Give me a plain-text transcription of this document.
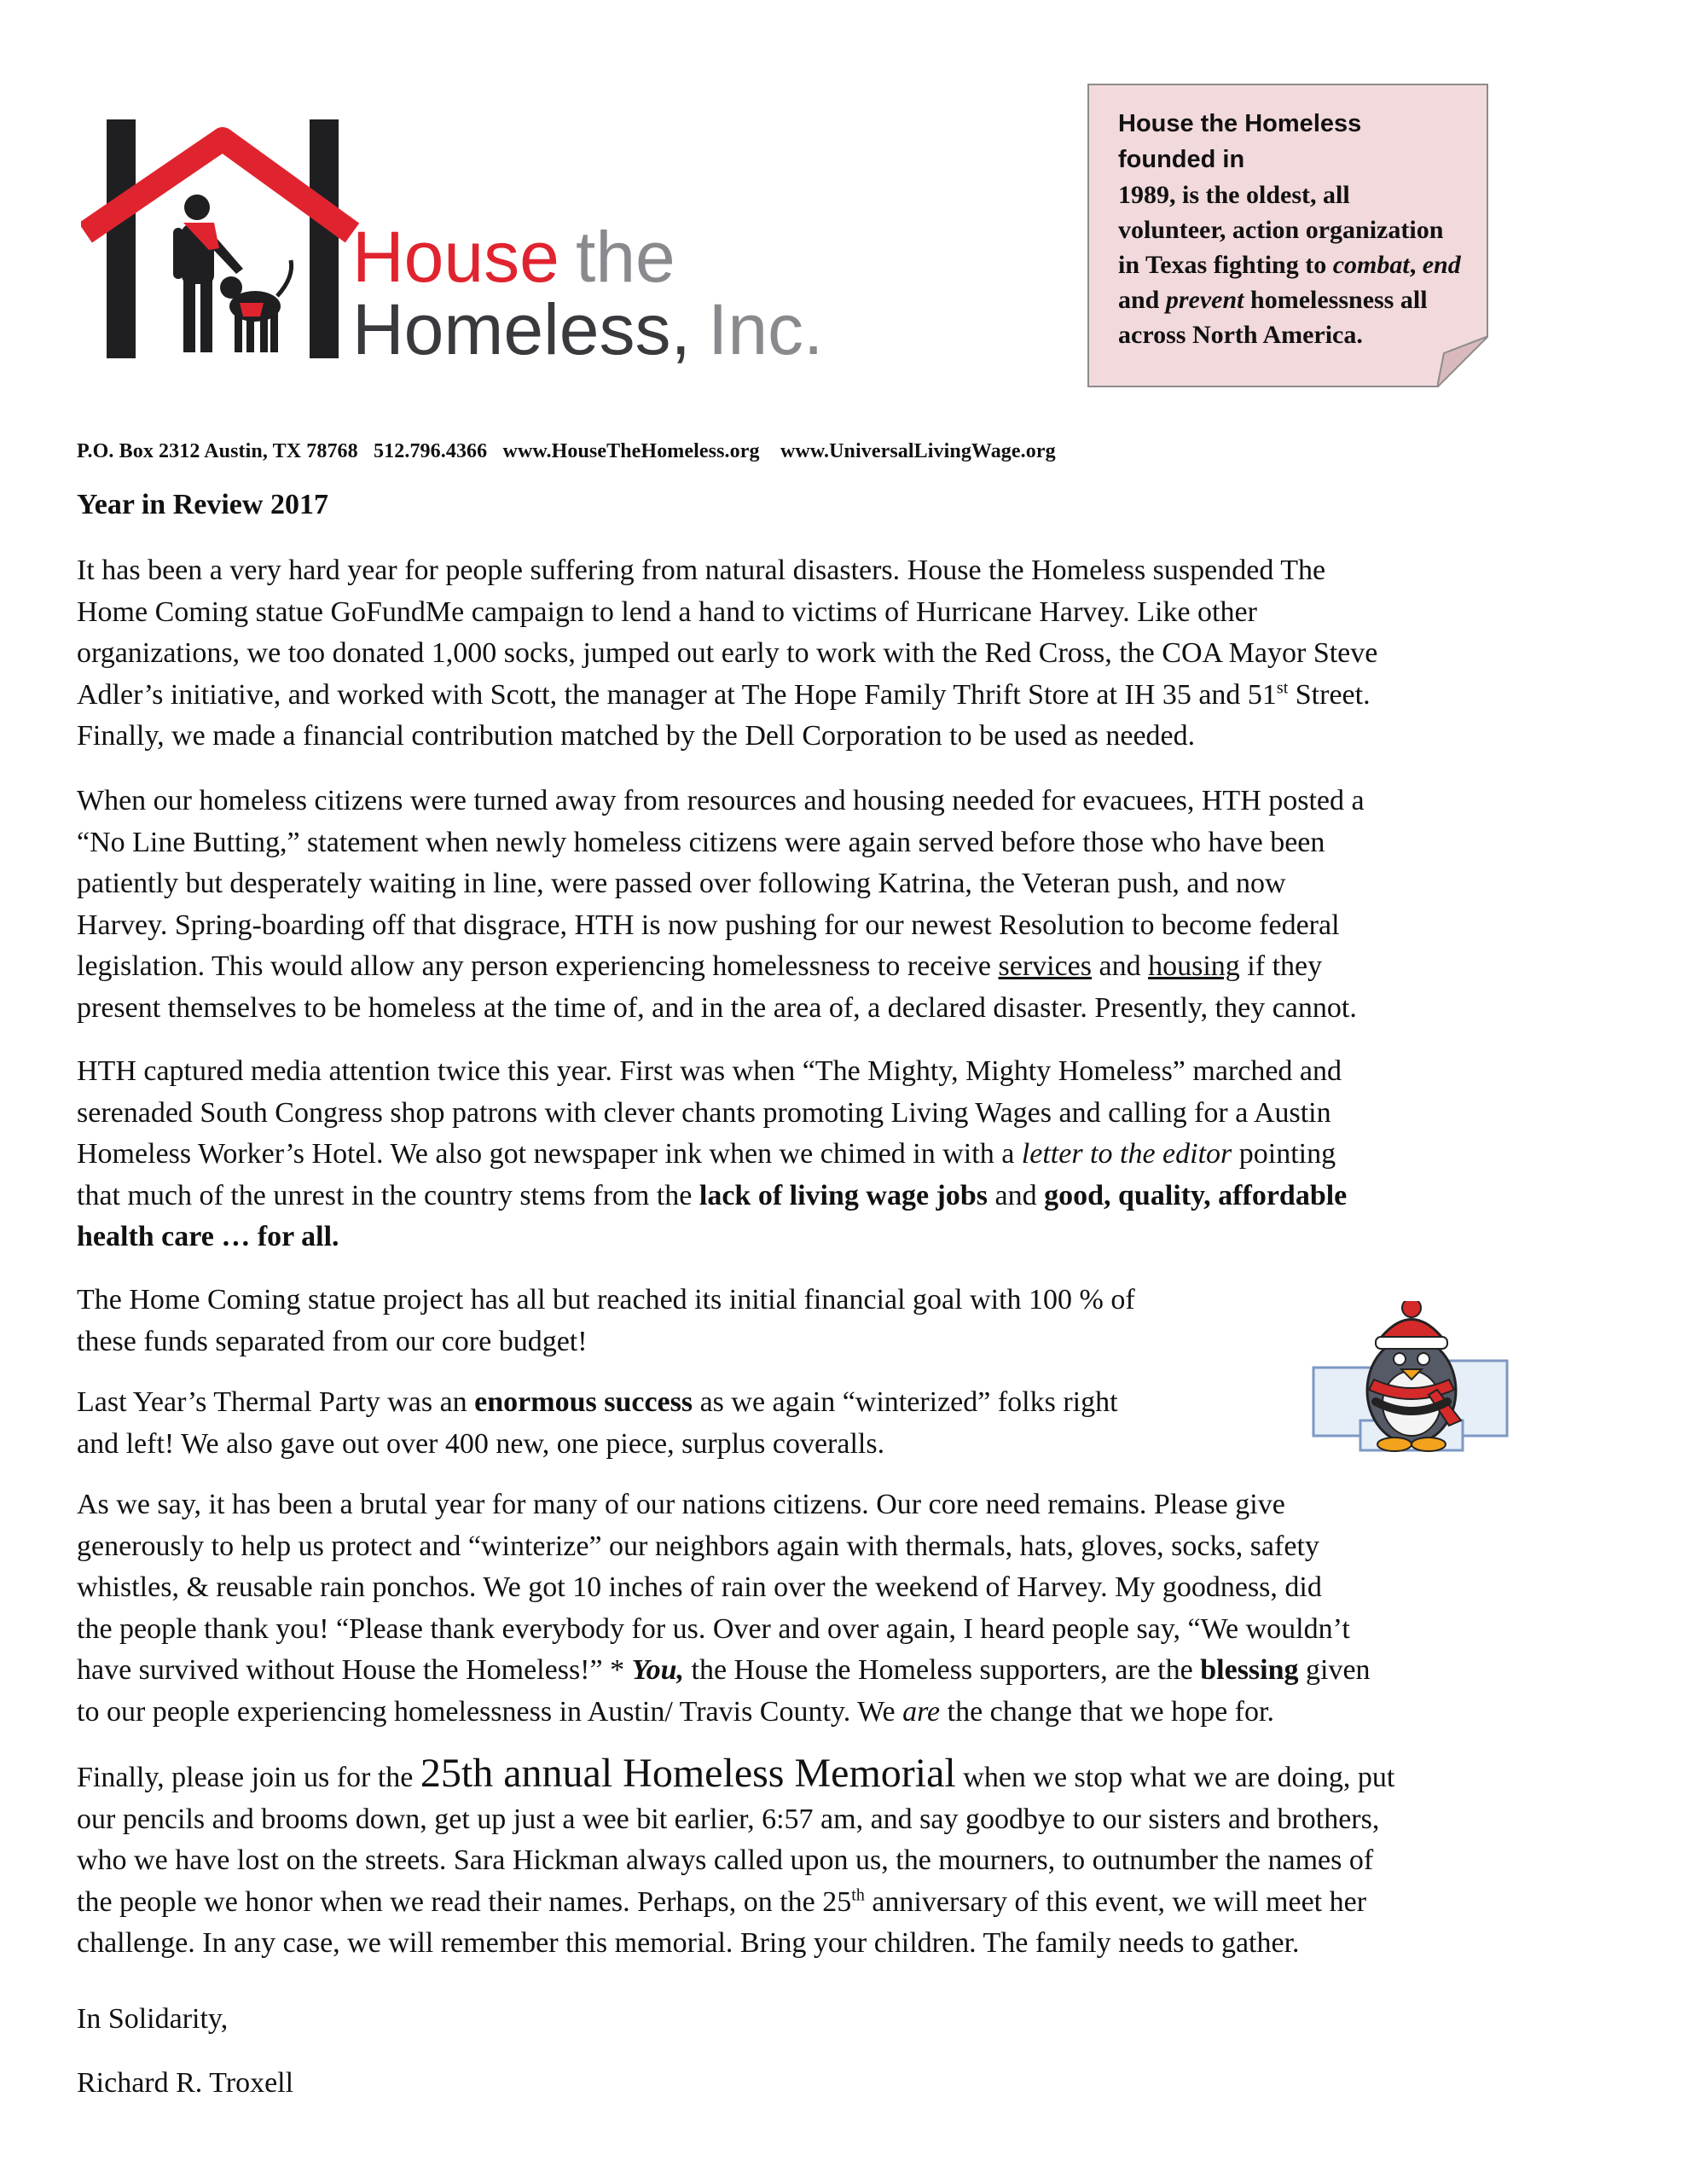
House the
Homeless, Inc.
House the Homeless founded in
1989, is the oldest, all
volunteer, action organization
in Texas fighting to combat, end
and prevent homelessness all
across North America.
P.O. Box 2312 Austin, TX 78768   512.796.4366   www.HouseTheHomeless.org    www.UniversalLivingWage.org
Year in Review 2017
It has been a very hard year for people suffering from natural disasters. House the Homeless suspended The
Home Coming statue GoFundMe campaign to lend a hand to victims of Hurricane Harvey. Like other
organizations, we too donated 1,000 socks, jumped out early to work with the Red Cross, the COA Mayor Steve
Adler’s initiative, and worked with Scott, the manager at The Hope Family Thrift Store at IH 35 and 51st Street.
Finally, we made a financial contribution matched by the Dell Corporation to be used as needed.
When our homeless citizens were turned away from resources and housing needed for evacuees, HTH posted a
“No Line Butting,” statement when newly homeless citizens were again served before those who have been
patiently but desperately waiting in line, were passed over following Katrina, the Veteran push, and now
Harvey. Spring-boarding off that disgrace, HTH is now pushing for our newest Resolution to become federal
legislation. This would allow any person experiencing homelessness to receive services and housing if they
present themselves to be homeless at the time of, and in the area of, a declared disaster. Presently, they cannot.
HTH captured media attention twice this year. First was when “The Mighty, Mighty Homeless” marched and
serenaded South Congress shop patrons with clever chants promoting Living Wages and calling for a Austin
Homeless Worker’s Hotel. We also got newspaper ink when we chimed in with a letter to the editor pointing
that much of the unrest in the country stems from the lack of living wage jobs and good, quality, affordable
health care … for all.
The Home Coming statue project has all but reached its initial financial goal with 100 % of
these funds separated from our core budget!
Last Year’s Thermal Party was an enormous success as we again “winterized” folks right
and left! We also gave out over 400 new, one piece, surplus coveralls.
As we say, it has been a brutal year for many of our nations citizens. Our core need remains. Please give
generously to help us protect and “winterize” our neighbors again with thermals, hats, gloves, socks, safety
whistles, & reusable rain ponchos. We got 10 inches of rain over the weekend of Harvey. My goodness, did
the people thank you! “Please thank everybody for us. Over and over again, I heard people say, “We wouldn’t
have survived without House the Homeless!” * You, the House the Homeless supporters, are the blessing given
to our people experiencing homelessness in Austin/ Travis County. We are the change that we hope for.
Finally, please join us for the 25th annual Homeless Memorial when we stop what we are doing, put
our pencils and brooms down, get up just a wee bit earlier, 6:57 am, and say goodbye to our sisters and brothers,
who we have lost on the streets. Sara Hickman always called upon us, the mourners, to outnumber the names of
the people we honor when we read their names. Perhaps, on the 25th anniversary of this event, we will meet her
challenge. In any case, we will remember this memorial. Bring your children. The family needs to gather.
In Solidarity,
Richard R. Troxell
